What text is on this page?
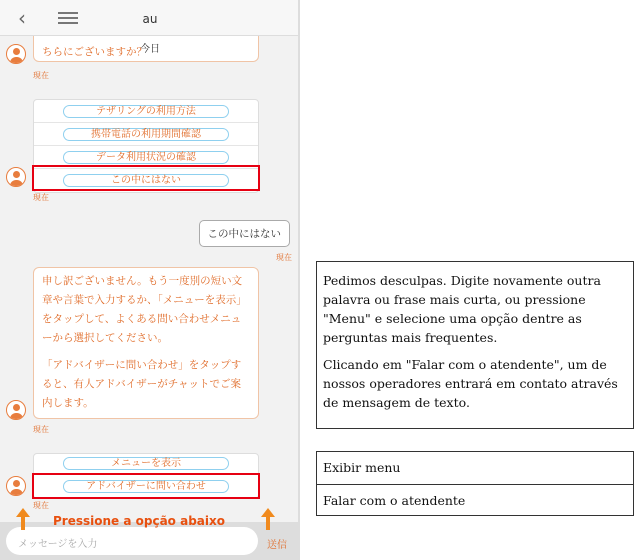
‹	au
今日
ちらにございますか？
現在
テザリングの利用方法
携帯電話の利用期間確認
データ利用状況の確認
この中にはない
現在
この中にはない
現在
申し訳ございません。もう一度別の短い文章や言葉で入力するか、「メニューを表示」をタップして、よくある問い合わせメニューから選択してください。
「アドバイザーに問い合わせ」をタップすると、有人アドバイザーがチャットでご案内します。
現在
メニューを表示
アドバイザーに問い合わせ
現在
メッセージを入力	送信
Pressione a opção abaixo

Pedimos desculpas. Digite novamente outra palavra ou frase mais curta, ou pressione "Menu" e selecione uma opção dentre as perguntas mais frequentes.

Clicando em "Falar com o atendente", um de nossos operadores entrará em contato através de mensagem de texto.

Exibir menu
Falar com o atendente
